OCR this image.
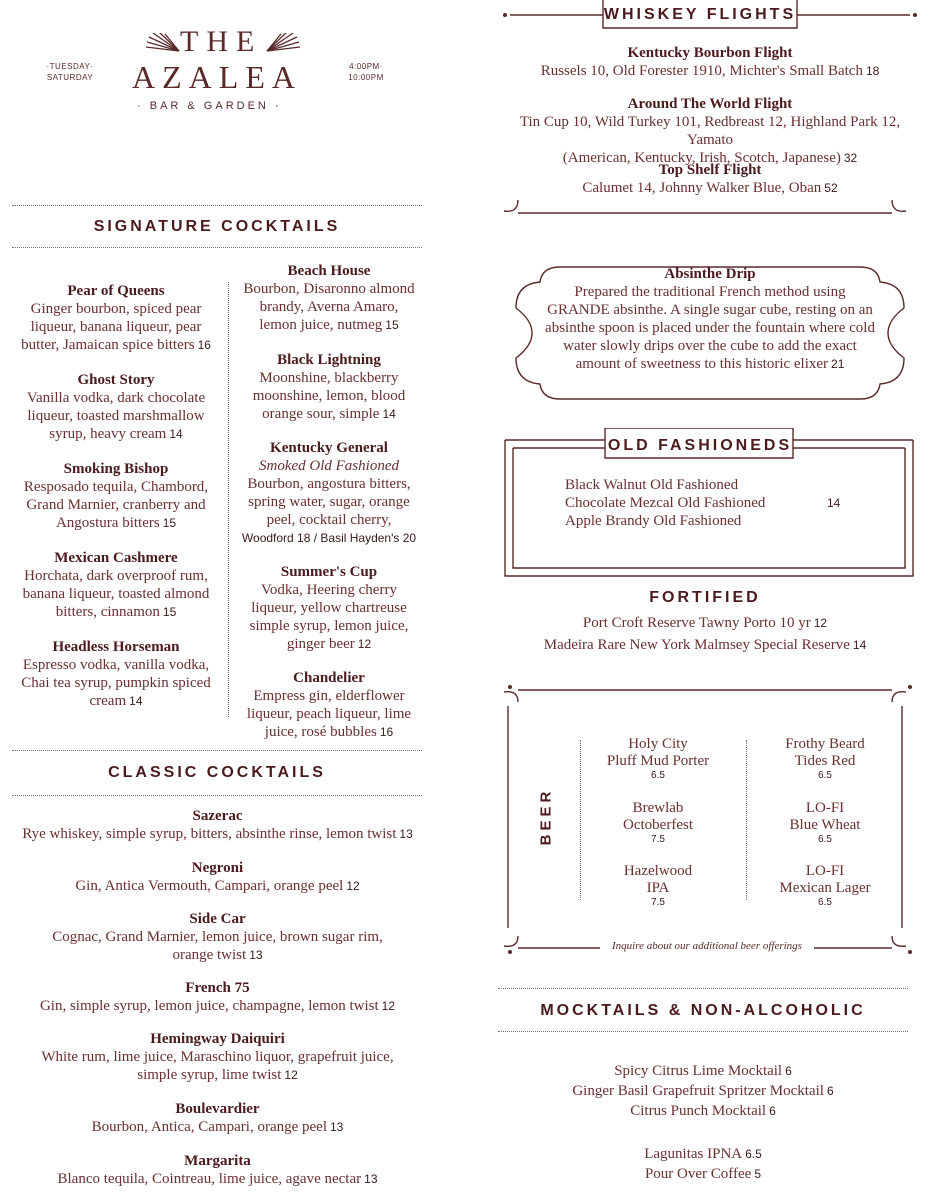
THE
AZALEA
· BAR & GARDEN ·
·TUESDAY·
SATURDAY
4:00PM·
10:00PM
SIGNATURE COCKTAILS
Pear of Queens
Ginger bourbon, spiced pear
liqueur, banana liqueur, pear
butter, Jamaican spice bitters 16
Ghost Story
Vanilla vodka, dark chocolate
liqueur, toasted marshmallow
syrup, heavy cream 14
Smoking Bishop
Resposado tequila, Chambord,
Grand Marnier, cranberry and
Angostura bitters 15
Mexican Cashmere
Horchata, dark overproof rum,
banana liqueur, toasted almond
bitters, cinnamon 15
Headless Horseman
Espresso vodka, vanilla vodka,
Chai tea syrup, pumpkin spiced
cream 14
Beach House
Bourbon, Disaronno almond
brandy, Averna Amaro,
lemon juice, nutmeg 15
Black Lightning
Moonshine, blackberry
moonshine, lemon, blood
orange sour, simple 14
Kentucky General
Smoked Old Fashioned
Bourbon, angostura bitters,
spring water, sugar, orange
peel, cocktail cherry,
Woodford 18 / Basil Hayden's 20
Summer's Cup
Vodka, Heering cherry
liqueur, yellow chartreuse
simple syrup, lemon juice,
ginger beer 12
Chandelier
Empress gin, elderflower
liqueur, peach liqueur, lime
juice, rosé bubbles 16
CLASSIC COCKTAILS
Sazerac
Rye whiskey, simple syrup, bitters, absinthe rinse, lemon twist 13
Negroni
Gin, Antica Vermouth, Campari, orange peel 12
Side Car
Cognac, Grand Marnier, lemon juice, brown sugar rim,
orange twist 13
French 75
Gin, simple syrup, lemon juice, champagne, lemon twist 12
Hemingway Daiquiri
White rum, lime juice, Maraschino liquor, grapefruit juice,
simple syrup, lime twist 12
Boulevardier
Bourbon, Antica, Campari, orange peel 13
Margarita
Blanco tequila, Cointreau, lime juice, agave nectar 13
WHISKEY FLIGHTS
Kentucky Bourbon Flight
Russels 10, Old Forester 1910, Michter's Small Batch 18
Around The World Flight
Tin Cup 10, Wild Turkey 101, Redbreast 12, Highland Park 12, Yamato
(American, Kentucky, Irish, Scotch, Japanese) 32
Top Shelf Flight
Calumet 14, Johnny Walker Blue, Oban 52
Absinthe Drip
Prepared the traditional French method using
GRANDE absinthe. A single sugar cube, resting on an
absinthe spoon is placed under the fountain where cold
water slowly drips over the cube to add the exact
amount of sweetness to this historic elixer 21
OLD FASHIONEDS
Black Walnut Old Fashioned
Chocolate Mezcal Old Fashioned
Apple Brandy Old Fashioned
14
FORTIFIED
Port Croft Reserve Tawny Porto 10 yr 12
Madeira Rare New York Malmsey Special Reserve 14
BEER
Holy City
Pluff Mud Porter
6.5
Brewlab
Octoberfest
7.5
Hazelwood
IPA
7.5
Frothy Beard
Tides Red
6.5
LO-FI
Blue Wheat
6.5
LO-FI
Mexican Lager
6.5
Inquire about our additional beer offerings
MOCKTAILS & NON-ALCOHOLIC
Spicy Citrus Lime Mocktail 6
Ginger Basil Grapefruit Spritzer Mocktail 6
Citrus Punch Mocktail 6
Lagunitas IPNA 6.5
Pour Over Coffee 5
